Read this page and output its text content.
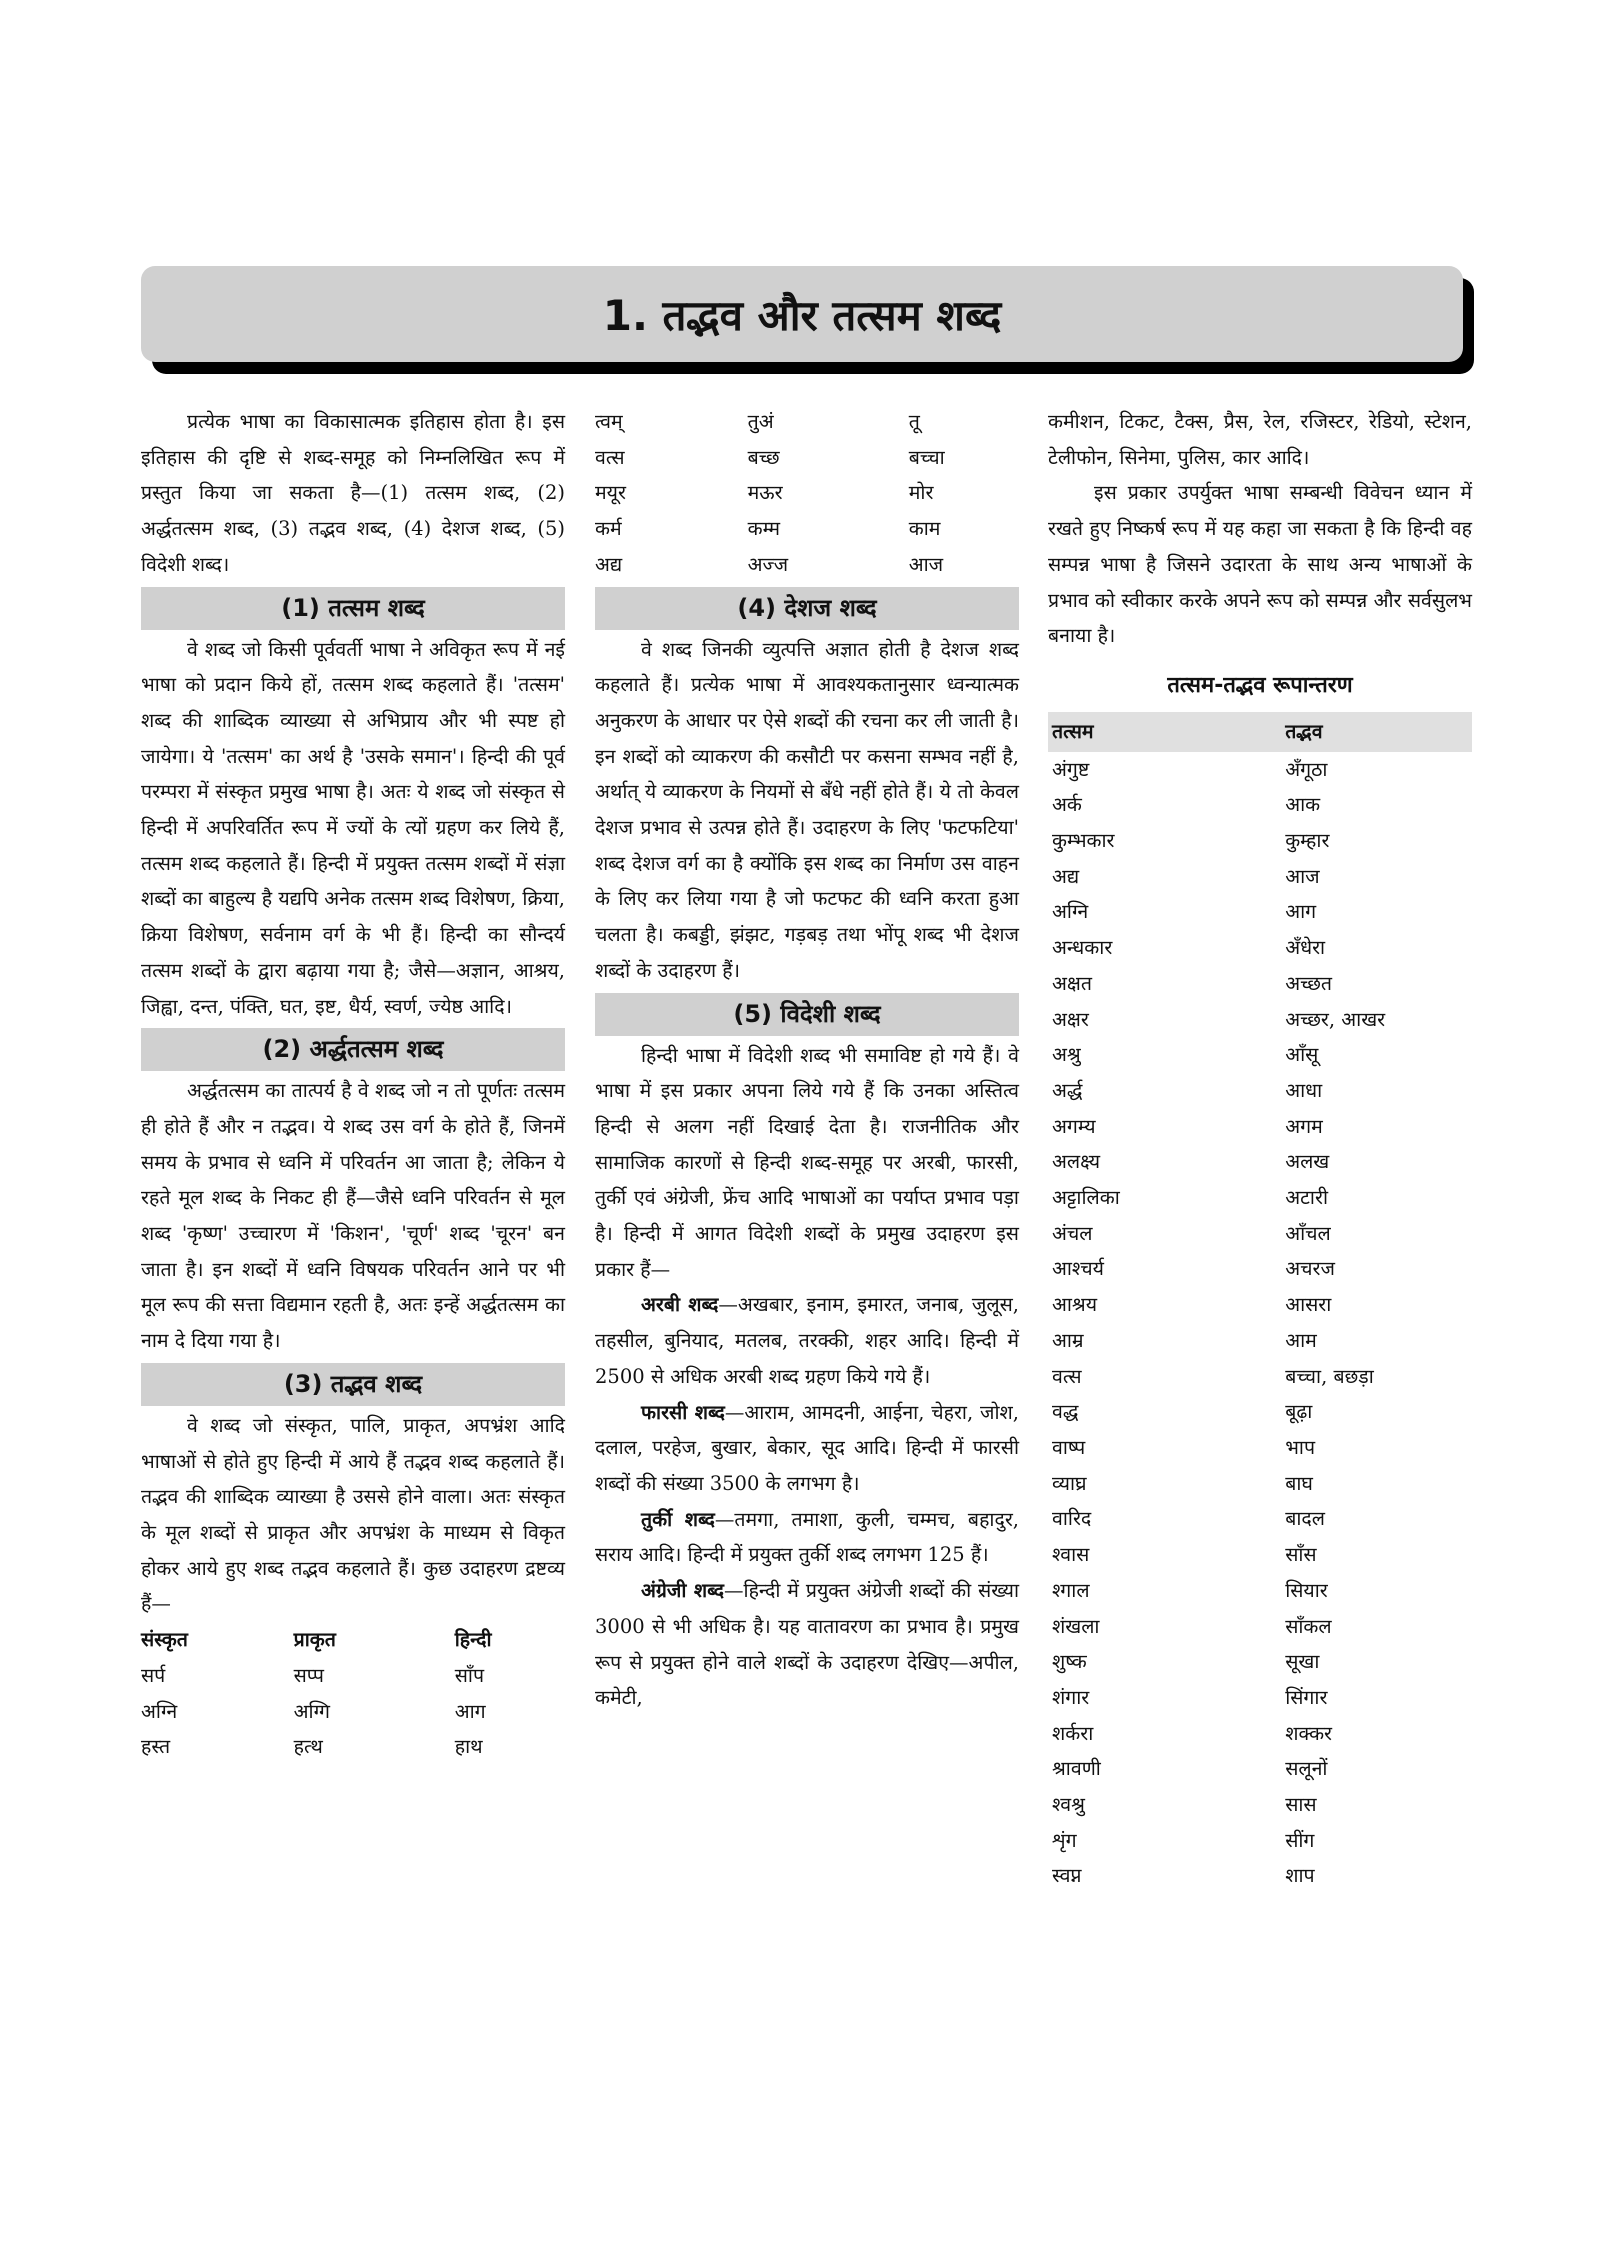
1. तद्भव और तत्सम शब्द

प्रत्येक भाषा का विकासात्मक इतिहास होता है। इस इतिहास की दृष्टि से शब्द-समूह को निम्नलिखित रूप में प्रस्तुत किया जा सकता है—(1) तत्सम शब्द, (2) अर्द्धतत्सम शब्द, (3) तद्भव शब्द, (4) देशज शब्द, (5) विदेशी शब्द।

(1) तत्सम शब्द

वे शब्द जो किसी पूर्ववर्ती भाषा ने अविकृत रूप में नई भाषा को प्रदान किये हों, तत्सम शब्द कहलाते हैं। 'तत्सम' शब्द की शाब्दिक व्याख्या से अभिप्राय और भी स्पष्ट हो जायेगा। ये 'तत्सम' का अर्थ है 'उसके समान'। हिन्दी की पूर्व परम्परा में संस्कृत प्रमुख भाषा है। अतः ये शब्द जो संस्कृत से हिन्दी में अपरिवर्तित रूप में ज्यों के त्यों ग्रहण कर लिये हैं, तत्सम शब्द कहलाते हैं। हिन्दी में प्रयुक्त तत्सम शब्दों में संज्ञा शब्दों का बाहुल्य है यद्यपि अनेक तत्सम शब्द विशेषण, क्रिया, क्रिया विशेषण, सर्वनाम वर्ग के भी हैं। हिन्दी का सौन्दर्य तत्सम शब्दों के द्वारा बढ़ाया गया है; जैसे—अज्ञान, आश्रय, जिह्वा, दन्त, पंक्ति, घत, इष्ट, धैर्य, स्वर्ण, ज्येष्ठ आदि।

(2) अर्द्धतत्सम शब्द

अर्द्धतत्सम का तात्पर्य है वे शब्द जो न तो पूर्णतः तत्सम ही होते हैं और न तद्भव। ये शब्द उस वर्ग के होते हैं, जिनमें समय के प्रभाव से ध्वनि में परिवर्तन आ जाता है; लेकिन ये रहते मूल शब्द के निकट ही हैं—जैसे ध्वनि परिवर्तन से मूल शब्द 'कृष्ण' उच्चारण में 'किशन', 'चूर्ण' शब्द 'चूरन' बन जाता है। इन शब्दों में ध्वनि विषयक परिवर्तन आने पर भी मूल रूप की सत्ता विद्यमान रहती है, अतः इन्हें अर्द्धतत्सम का नाम दे दिया गया है।

(3) तद्भव शब्द

वे शब्द जो संस्कृत, पालि, प्राकृत, अपभ्रंश आदि भाषाओं से होते हुए हिन्दी में आये हैं तद्भव शब्द कहलाते हैं। तद्भव की शाब्दिक व्याख्या है उससे होने वाला। अतः संस्कृत के मूल शब्दों से प्राकृत और अपभ्रंश के माध्यम से विकृत होकर आये हुए शब्द तद्भव कहलाते हैं। कुछ उदाहरण द्रष्टव्य हैं—

संस्कृत	प्राकृत	हिन्दी
सर्प	सप्प	साँप
अग्नि	अग्गि	आग
हस्त	हत्थ	हाथ
त्वम्	तुअं	तू
वत्स	बच्छ	बच्चा
मयूर	मऊर	मोर
कर्म	कम्म	काम
अद्य	अज्ज	आज
(4) देशज शब्द

वे शब्द जिनकी व्युत्पत्ति अज्ञात होती है देशज शब्द कहलाते हैं। प्रत्येक भाषा में आवश्यकतानुसार ध्वन्यात्मक अनुकरण के आधार पर ऐसे शब्दों की रचना कर ली जाती है। इन शब्दों को व्याकरण की कसौटी पर कसना सम्भव नहीं है, अर्थात् ये व्याकरण के नियमों से बँधे नहीं होते हैं। ये तो केवल देशज प्रभाव से उत्पन्न होते हैं। उदाहरण के लिए 'फटफटिया' शब्द देशज वर्ग का है क्योंकि इस शब्द का निर्माण उस वाहन के लिए कर लिया गया है जो फटफट की ध्वनि करता हुआ चलता है। कबड्डी, झंझट, गड़बड़ तथा भोंपू शब्द भी देशज शब्दों के उदाहरण हैं।

(5) विदेशी शब्द

हिन्दी भाषा में विदेशी शब्द भी समाविष्ट हो गये हैं। वे भाषा में इस प्रकार अपना लिये गये हैं कि उनका अस्तित्व हिन्दी से अलग नहीं दिखाई देता है। राजनीतिक और सामाजिक कारणों से हिन्दी शब्द-समूह पर अरबी, फारसी, तुर्की एवं अंग्रेजी, फ्रेंच आदि भाषाओं का पर्याप्त प्रभाव पड़ा है। हिन्दी में आगत विदेशी शब्दों के प्रमुख उदाहरण इस प्रकार हैं—

अरबी शब्द—अखबार, इनाम, इमारत, जनाब, जुलूस, तहसील, बुनियाद, मतलब, तरक्की, शहर आदि। हिन्दी में 2500 से अधिक अरबी शब्द ग्रहण किये गये हैं।

फारसी शब्द—आराम, आमदनी, आईना, चेहरा, जोश, दलाल, परहेज, बुखार, बेकार, सूद आदि। हिन्दी में फारसी शब्दों की संख्या 3500 के लगभग है।

तुर्की शब्द—तमगा, तमाशा, कुली, चम्मच, बहादुर, सराय आदि। हिन्दी में प्रयुक्त तुर्की शब्द लगभग 125 हैं।

अंग्रेजी शब्द—हिन्दी में प्रयुक्त अंग्रेजी शब्दों की संख्या 3000 से भी अधिक है। यह वातावरण का प्रभाव है। प्रमुख रूप से प्रयुक्त होने वाले शब्दों के उदाहरण देखिए—अपील, कमेटी,

कमीशन, टिकट, टैक्स, प्रैस, रेल, रजिस्टर, रेडियो, स्टेशन, टेलीफोन, सिनेमा, पुलिस, कार आदि।

इस प्रकार उपर्युक्त भाषा सम्बन्धी विवेचन ध्यान में रखते हुए निष्कर्ष रूप में यह कहा जा सकता है कि हिन्दी वह सम्पन्न भाषा है जिसने उदारता के साथ अन्य भाषाओं के प्रभाव को स्वीकार करके अपने रूप को सम्पन्न और सर्वसुलभ बनाया है।

तत्सम-तद्भव रूपान्तरण
तत्सम	तद्भव
अंगुष्ट	अँगूठा
अर्क	आक
कुम्भकार	कुम्हार
अद्य	आज
अग्नि	आग
अन्धकार	अँधेरा
अक्षत	अच्छत
अक्षर	अच्छर, आखर
अश्रु	आँसू
अर्द्ध	आधा
अगम्य	अगम
अलक्ष्य	अलख
अट्टालिका	अटारी
अंचल	आँचल
आश्चर्य	अचरज
आश्रय	आसरा
आम्र	आम
वत्स	बच्चा, बछड़ा
वद्ध	बूढ़ा
वाष्प	भाप
व्याघ्र	बाघ
वारिद	बादल
श्वास	साँस
श्गाल	सियार
शंखला	साँकल
शुष्क	सूखा
शंगार	सिंगार
शर्करा	शक्कर
श्रावणी	सलूनों
श्वश्रु	सास
शृंग	सींग
स्वप्न	शाप
